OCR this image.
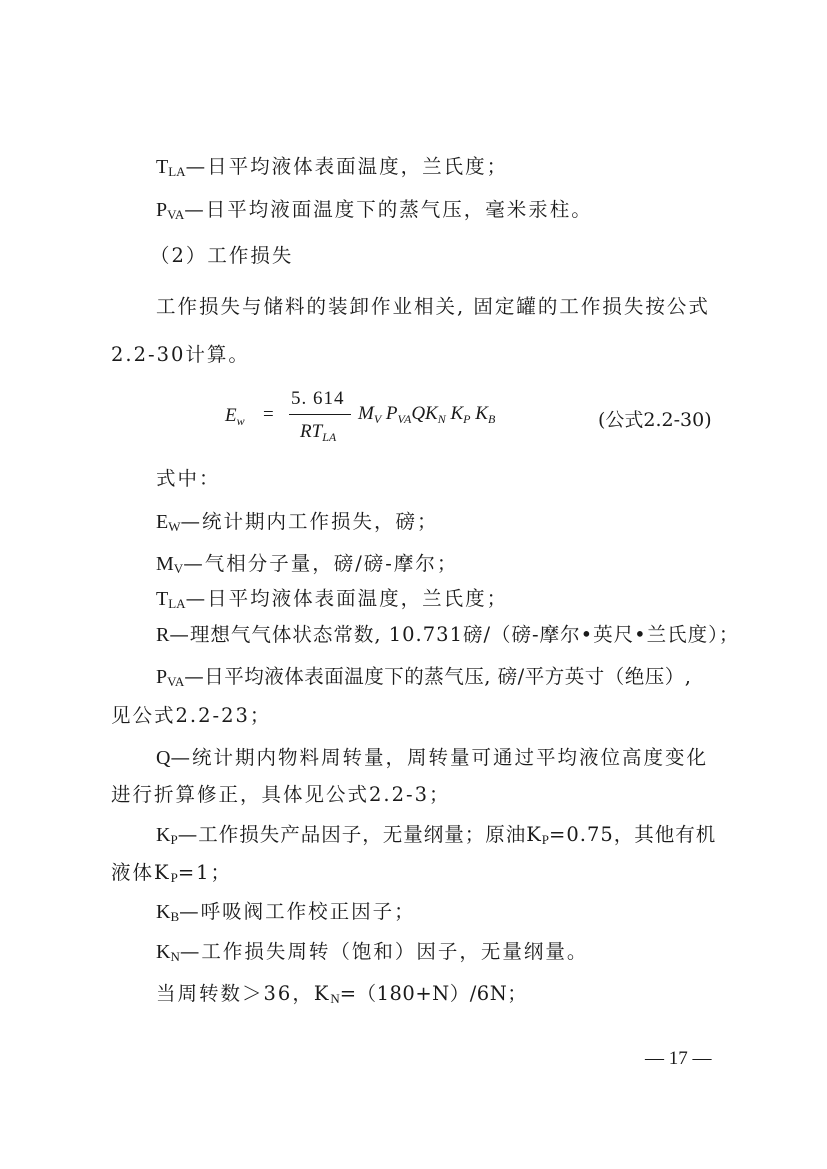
$T_{LA}—$日平均液体表面温度，兰氏度；
$P_{VA}—$日平均液面温度下的蒸气压，毫米汞柱。
（2）工作损失
工作损失与储料的装卸作业相关, 固定罐的工作损失按公式
2.2-30计算。
$E_w$ =
5. 614
$RT_{LA}$
$M_V$ $P_{VA}QK_N$ $K_P$ $K_B$	(公式2.2-30)
式中：
$E_W—$统计期内工作损失，磅；
$M_V—$气相分子量，磅/磅-摩尔；
$T_{LA}—$日平均液体表面温度，兰氏度；
R—理想气气体状态常数, 10.731磅/（磅-摩尔•英尺•兰氏度）；
$P_{VA}—$日平均液体表面温度下的蒸气压, 磅/平方英寸（绝压）,
见公式2.2-23；
Q—统计期内物料周转量，周转量可通过平均液位高度变化
进行折算修正，具体见公式2.2-3；
$K_P—$工作损失产品因子，无量纲量；原油$K_P=0.75$，其他有机
液体$K_P=1$；
$K_B—$呼吸阀工作校正因子；
$K_N—$工作损失周转（饱和）因子，无量纲量。
当周转数＞36，$K_N=(180+N)/6N$；
— 17 —
